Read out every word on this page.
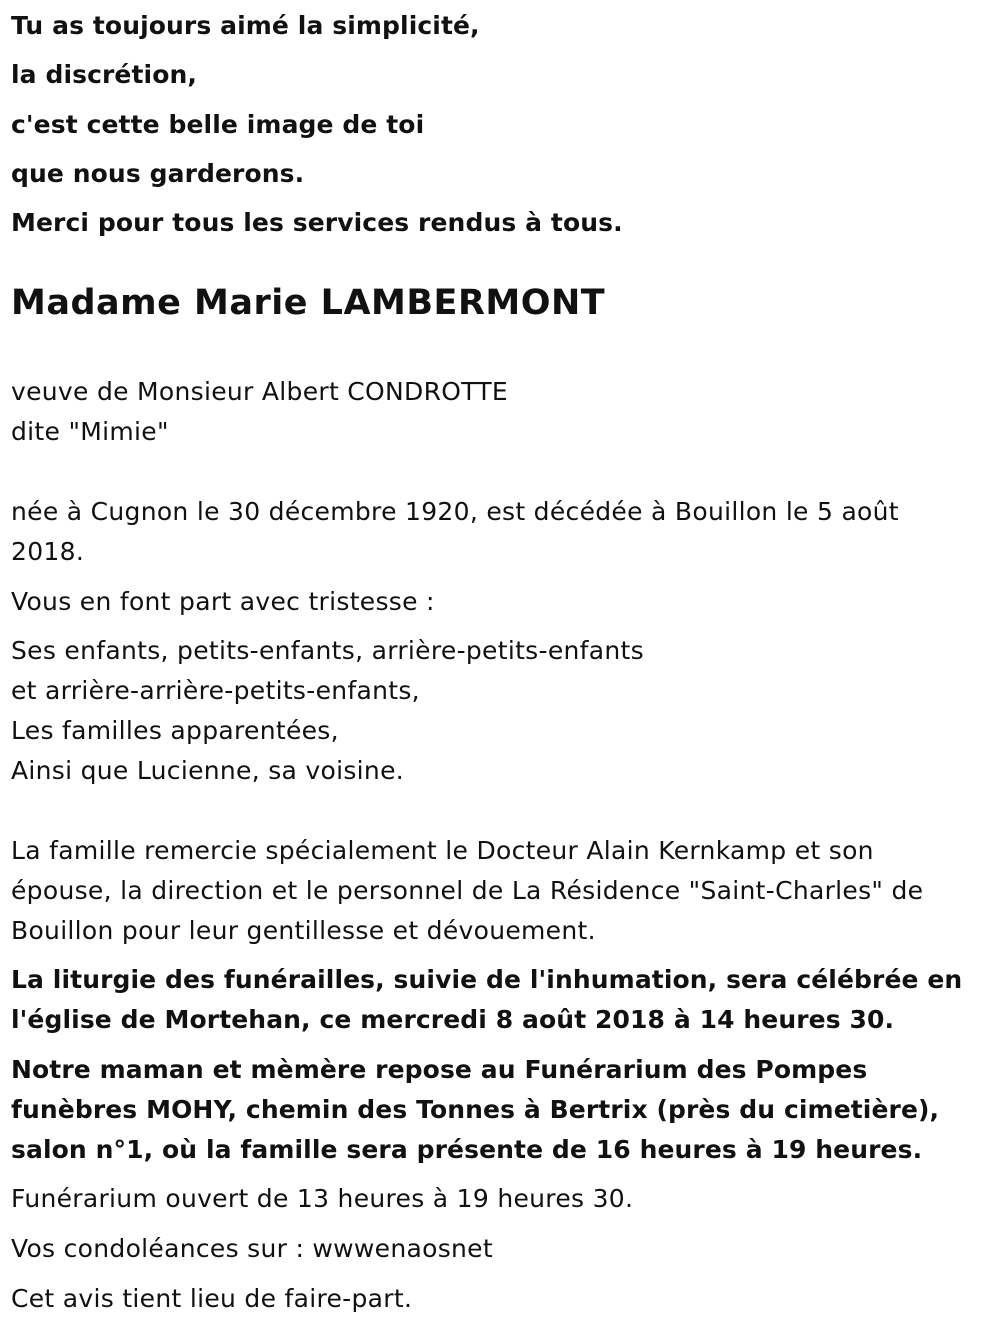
Tu as toujours aimé la simplicité,
la discrétion,
c'est cette belle image de toi
que nous garderons.
Merci pour tous les services rendus à tous.
Madame Marie LAMBERMONT
veuve de Monsieur Albert CONDROTTE
dite "Mimie"
née à Cugnon le 30 décembre 1920, est décédée à Bouillon le 5 août
2018.
Vous en font part avec tristesse :
Ses enfants, petits-enfants, arrière-petits-enfants
et arrière-arrière-petits-enfants,
Les familles apparentées,
Ainsi que Lucienne, sa voisine.
La famille remercie spécialement le Docteur Alain Kernkamp et son
épouse, la direction et le personnel de La Résidence "Saint-Charles" de
Bouillon pour leur gentillesse et dévouement.
La liturgie des funérailles, suivie de l'inhumation, sera célébrée en
l'église de Mortehan, ce mercredi 8 août 2018 à 14 heures 30.
Notre maman et mèmère repose au Funérarium des Pompes
funèbres MOHY, chemin des Tonnes à Bertrix (près du cimetière),
salon n°1, où la famille sera présente de 16 heures à 19 heures.
Funérarium ouvert de 13 heures à 19 heures 30.
Vos condoléances sur : wwwenaosnet
Cet avis tient lieu de faire-part.
